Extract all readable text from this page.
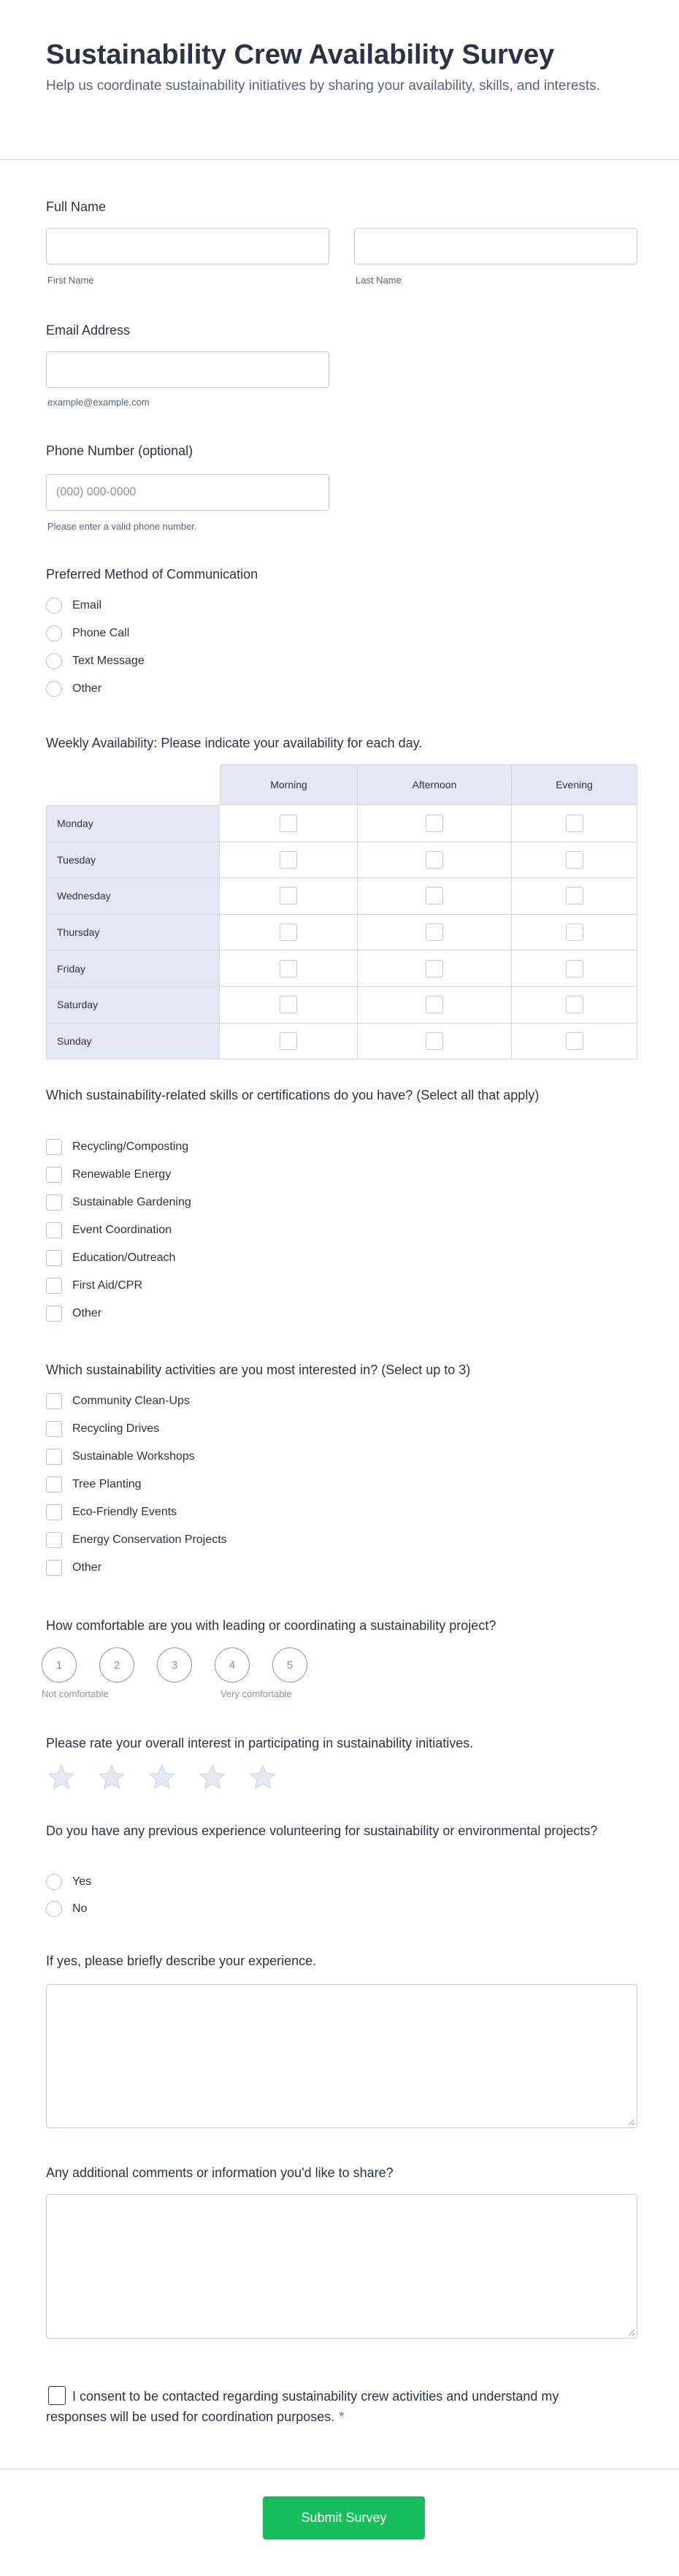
Sustainability Crew Availability Survey
Help us coordinate sustainability initiatives by sharing your availability, skills, and interests.
Full Name
First Name	Last Name
Email Address
example@example.com
Phone Number (optional)
(000) 000-0000
Please enter a valid phone number.
Preferred Method of Communication
Email
Phone Call
Text Message
Other
Weekly Availability: Please indicate your availability for each day.
	Morning	Afternoon	Evening
Monday			
Tuesday			
Wednesday			
Thursday			
Friday			
Saturday			
Sunday			
Which sustainability-related skills or certifications do you have? (Select all that apply)
Recycling/Composting
Renewable Energy
Sustainable Gardening
Event Coordination
Education/Outreach
First Aid/CPR
Other
Which sustainability activities are you most interested in? (Select up to 3)
Community Clean-Ups
Recycling Drives
Sustainable Workshops
Tree Planting
Eco-Friendly Events
Energy Conservation Projects
Other
How comfortable are you with leading or coordinating a sustainability project?
1	2	3	4	5
Not comfortable	Very comfortable
Please rate your overall interest in participating in sustainability initiatives.
Do you have any previous experience volunteering for sustainability or environmental projects?
Yes
No
If yes, please briefly describe your experience.
Any additional comments or information you'd like to share?
I consent to be contacted regarding sustainability crew activities and understand my responses will be used for coordination purposes. *
Submit Survey
